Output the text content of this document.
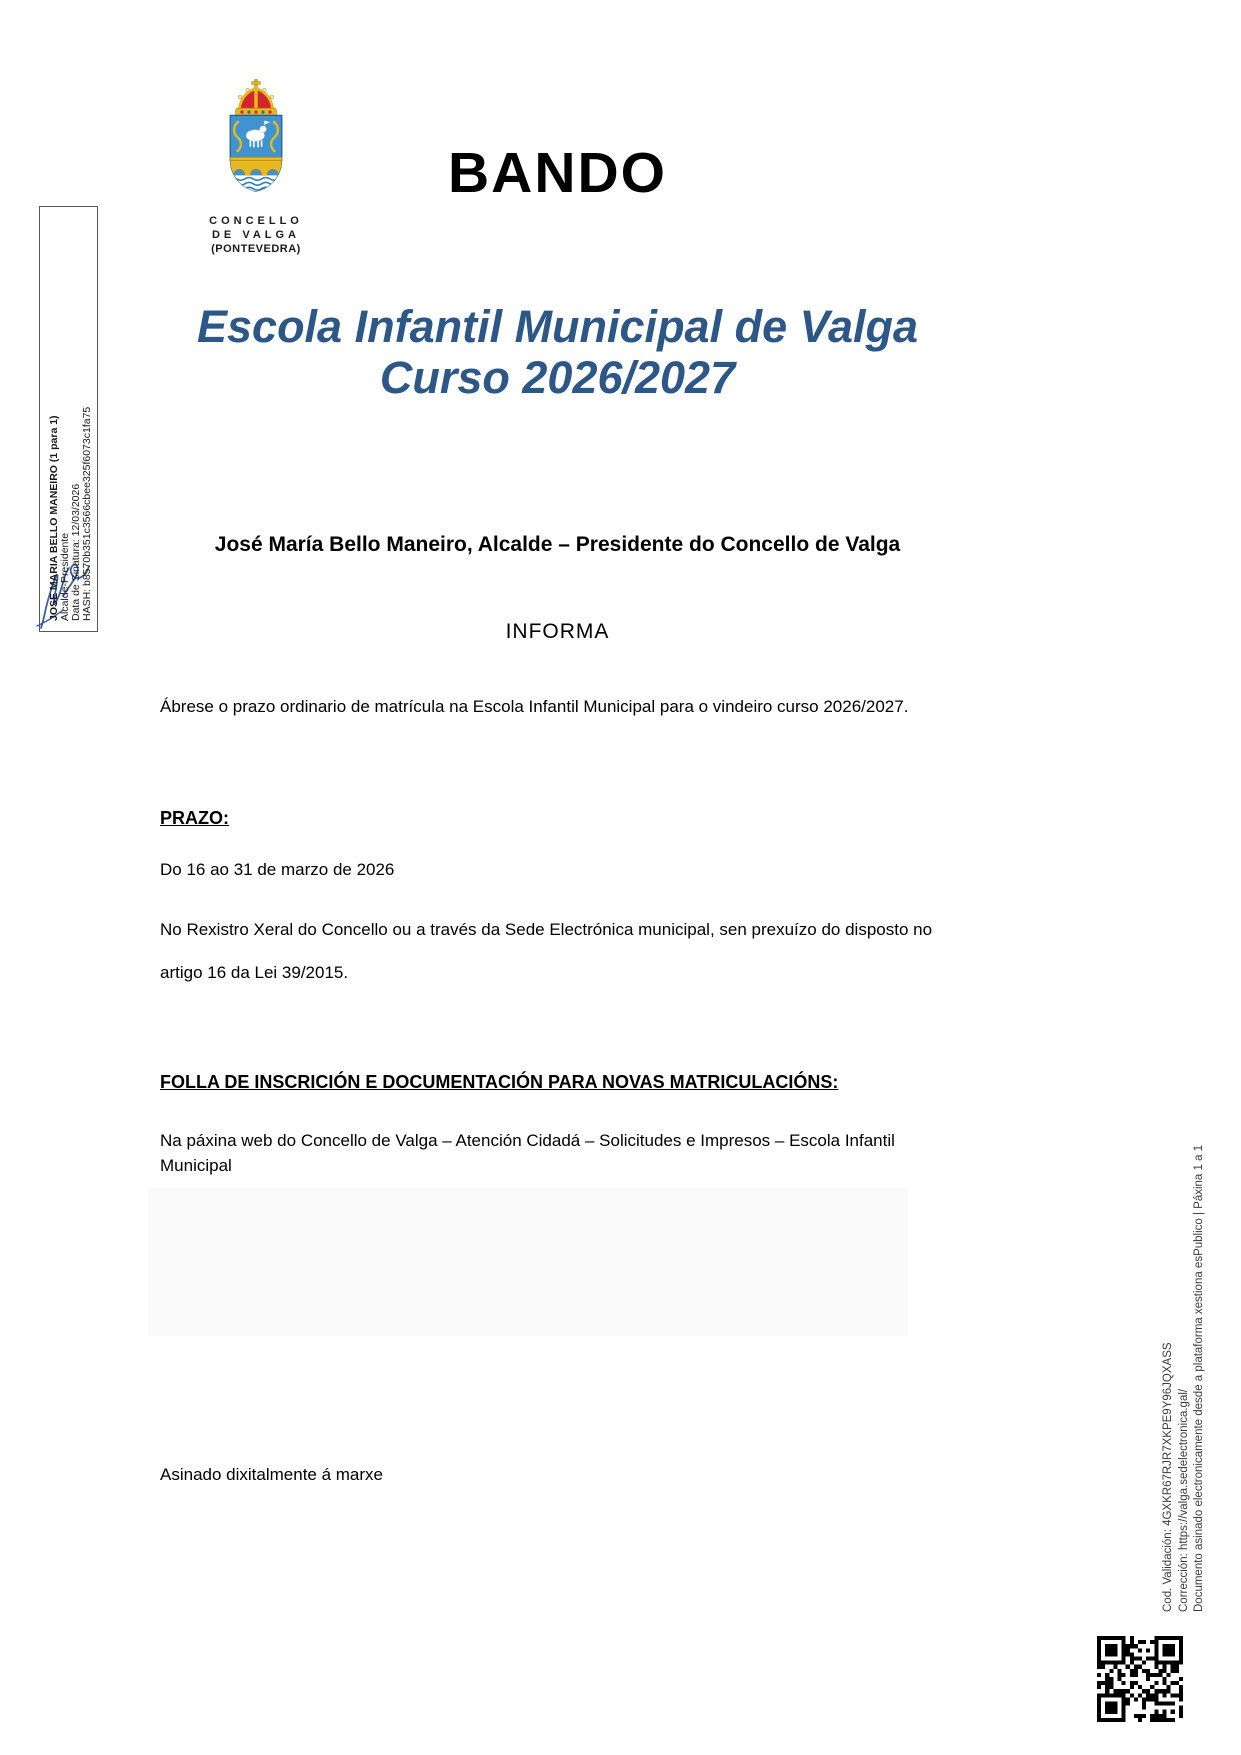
CONCELLO
DE VALGA
(PONTEVEDRA)
BANDO
Escola Infantil Municipal de Valga
Curso 2026/2027
José María Bello Maneiro, Alcalde – Presidente do Concello de Valga
INFORMA
Ábrese o prazo ordinario de matrícula na Escola Infantil Municipal para o vindeiro curso 2026/2027.
PRAZO:
Do 16 ao 31 de marzo de 2026
No Rexistro Xeral do Concello ou a través da Sede Electrónica municipal, sen prexuízo do disposto no artigo 16 da Lei 39/2015.
FOLLA DE INSCRICIÓN E DOCUMENTACIÓN PARA NOVAS MATRICULACIÓNS:
Na páxina web do Concello de Valga – Atención Cidadá – Solicitudes e Impresos – Escola Infantil Municipal
Asinado dixitalmente á marxe
JOSE MARIA BELLO MANEIRO (1 para 1) Alcalde-Presidente Data de Sinatura: 12/03/2026 HASH: b8570b351c3566cbee325f6073c1fa75
Cod. Validación: 4GXKR67RJR7XKPE9Y96JQXASS Corrección: https://valga.sedelectronica.gal/ Documento asinado electronicamente desde a plataforma xestiona esPublico | Páxina 1 a 1
